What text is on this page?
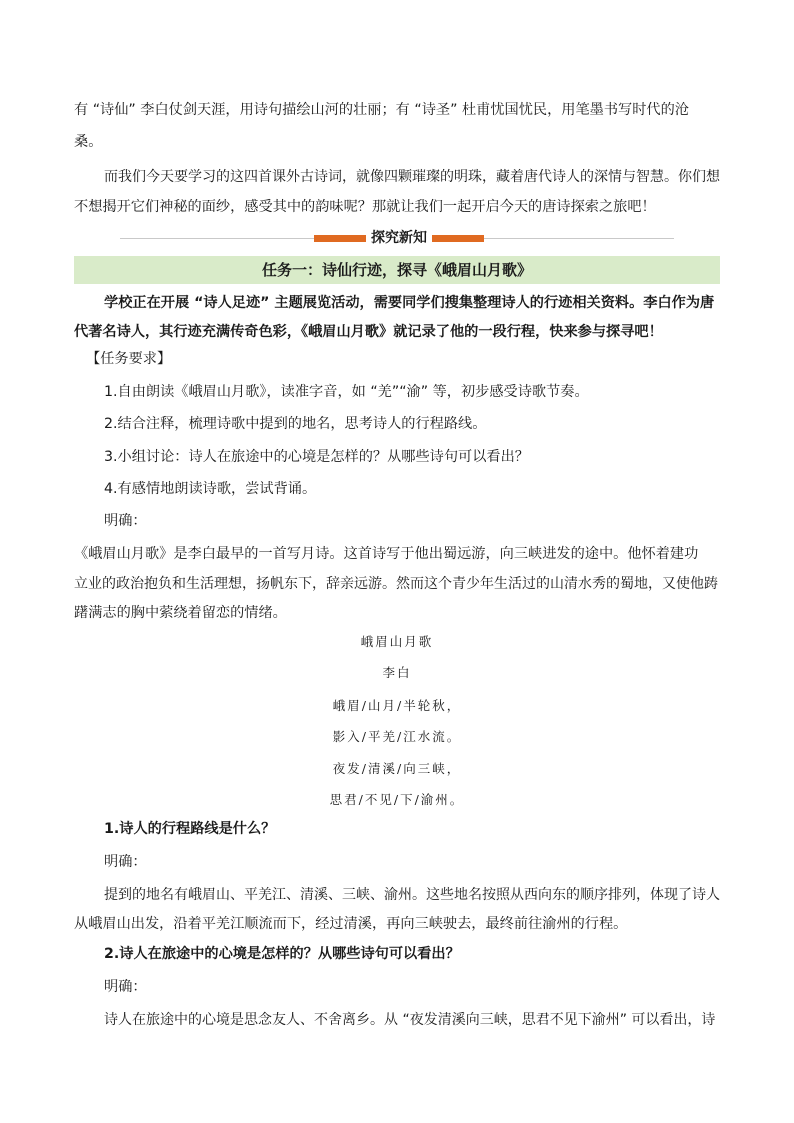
有 “诗仙” 李白仗剑天涯，用诗句描绘山河的壮丽；有 “诗圣” 杜甫忧国忧民，用笔墨书写时代的沧

桑。

而我们今天要学习的这四首课外古诗词，就像四颗璀璨的明珠，藏着唐代诗人的深情与智慧。你们想

不想揭开它们神秘的面纱，感受其中的韵味呢？那就让我们一起开启今天的唐诗探索之旅吧！

探究新知
任务一：诗仙行迹，探寻《峨眉山月歌》

学校正在开展 “诗人足迹” 主题展览活动，需要同学们搜集整理诗人的行迹相关资料。李白作为唐

代著名诗人，其行迹充满传奇色彩，《峨眉山月歌》就记录了他的一段行程，快来参与探寻吧！

【任务要求】

1.自由朗读《峨眉山月歌》，读准字音，如 “羌”“渝” 等，初步感受诗歌节奏。

2.结合注释，梳理诗歌中提到的地名，思考诗人的行程路线。

3.小组讨论：诗人在旅途中的心境是怎样的？从哪些诗句可以看出？

4.有感情地朗读诗歌，尝试背诵。

明确：

《峨眉山月歌》是李白最早的一首写月诗。这首诗写于他出蜀远游，向三峡进发的途中。他怀着建功

立业的政治抱负和生活理想，扬帆东下，辞亲远游。然而这个青少年生活过的山清水秀的蜀地，又使他踌

躇满志的胸中萦绕着留恋的情绪。

峨眉山月歌
李白
峨眉/山月/半轮秋，
影入/平羌/江水流。
夜发/清溪/向三峡，
思君/不见/下/渝州。

1.诗人的行程路线是什么？

明确：

提到的地名有峨眉山、平羌江、清溪、三峡、渝州。这些地名按照从西向东的顺序排列，体现了诗人

从峨眉山出发，沿着平羌江顺流而下，经过清溪，再向三峡驶去，最终前往渝州的行程。

2.诗人在旅途中的心境是怎样的？从哪些诗句可以看出？

明确：

诗人在旅途中的心境是思念友人、不舍离乡。从 “夜发清溪向三峡，思君不见下渝州” 可以看出，诗
